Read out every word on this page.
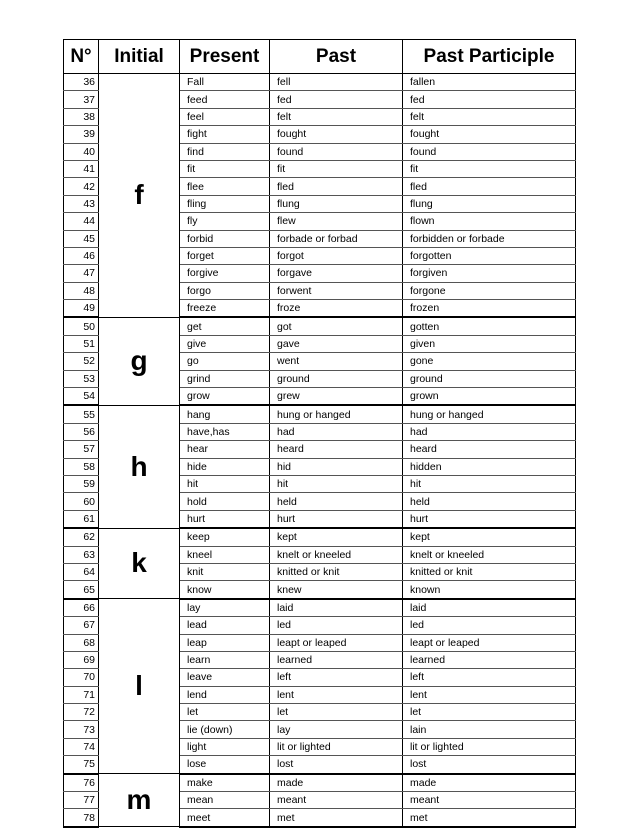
N°	Initial	Present	Past	Past Participle
36	f	Fall	fell	fallen
37		feed	fed	fed
38		feel	felt	felt
39		fight	fought	fought
40		find	found	found
41		fit	fit	fit
42		flee	fled	fled
43		fling	flung	flung
44		fly	flew	flown
45		forbid	forbade or forbad	forbidden or forbade
46		forget	forgot	forgotten
47		forgive	forgave	forgiven
48		forgo	forwent	forgone
49		freeze	froze	frozen
50	g	get	got	gotten
51		give	gave	given
52		go	went	gone
53		grind	ground	ground
54		grow	grew	grown
55	h	hang	hung or hanged	hung or hanged
56		have,has	had	had
57		hear	heard	heard
58		hide	hid	hidden
59		hit	hit	hit
60		hold	held	held
61		hurt	hurt	hurt
62	k	keep	kept	kept
63		kneel	knelt or kneeled	knelt or kneeled
64		knit	knitted or knit	knitted or knit
65		know	knew	known
66	l	lay	laid	laid
67		lead	led	led
68		leap	leapt or leaped	leapt or leaped
69		learn	learned	learned
70		leave	left	left
71		lend	lent	lent
72		let	let	let
73		lie (down)	lay	lain
74		light	lit or lighted	lit or lighted
75		lose	lost	lost
76	m	make	made	made
77		mean	meant	meant
78		meet	met	met
